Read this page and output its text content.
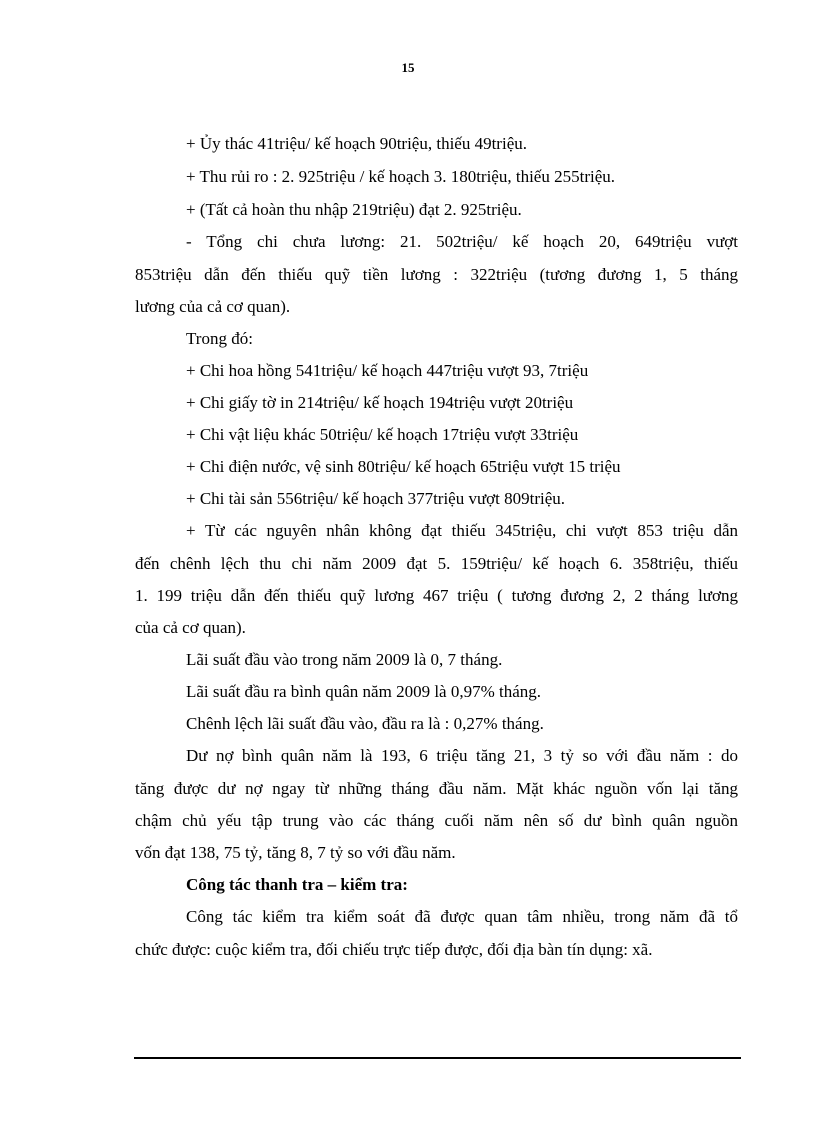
15
+ Ủy thác 41triệu/ kế hoạch 90triệu, thiếu 49triệu.
+ Thu rủi ro : 2. 925triệu / kế hoạch 3. 180triệu, thiếu 255triệu.
+ (Tất cả hoàn thu nhập 219triệu) đạt 2. 925triệu.
- Tổng chi chưa lương: 21. 502triệu/ kế hoạch 20, 649triệu vượt
853triệu dẫn đến thiếu quỹ tiền lương : 322triệu (tương đương 1, 5 tháng
lương của cả cơ quan).
Trong đó:
+ Chi hoa hồng 541triệu/ kế hoạch 447triệu vượt 93, 7triệu
+ Chi giấy tờ in 214triệu/ kế hoạch 194triệu vượt 20triệu
+ Chi vật liệu khác 50triệu/ kế hoạch 17triệu vượt 33triệu
+ Chi điện nước, vệ sinh 80triệu/ kế hoạch 65triệu vượt 15 triệu
+ Chi tài sản 556triệu/ kế hoạch 377triệu vượt 809triệu.
+ Từ các nguyên nhân không đạt thiếu 345triệu, chi vượt 853 triệu dẫn
đến chênh lệch thu chi năm 2009 đạt 5. 159triệu/ kế hoạch 6. 358triệu, thiếu
1. 199 triệu dẫn đến thiếu quỹ lương 467 triệu ( tương đương 2, 2 tháng lương
của cả cơ quan).
Lãi suất đầu vào trong năm 2009 là 0, 7 tháng.
Lãi suất đầu ra bình quân năm 2009 là 0,97% tháng.
Chênh lệch lãi suất đầu vào, đầu ra là : 0,27% tháng.
Dư nợ bình quân năm là 193, 6 triệu tăng 21, 3 tỷ so với đầu năm : do
tăng được dư nợ ngay từ những tháng đầu năm. Mặt khác nguồn vốn lại tăng
chậm chủ yếu tập trung vào các tháng cuối năm nên số dư bình quân nguồn
vốn đạt 138, 75 tỷ, tăng 8, 7 tỷ so với đầu năm.
Công tác thanh tra – kiểm tra:
Công tác kiểm tra kiểm soát đã được quan tâm nhiều, trong năm đã tổ
chức được: cuộc kiểm tra, đối chiếu trực tiếp được, đối địa bàn tín dụng: xã.
